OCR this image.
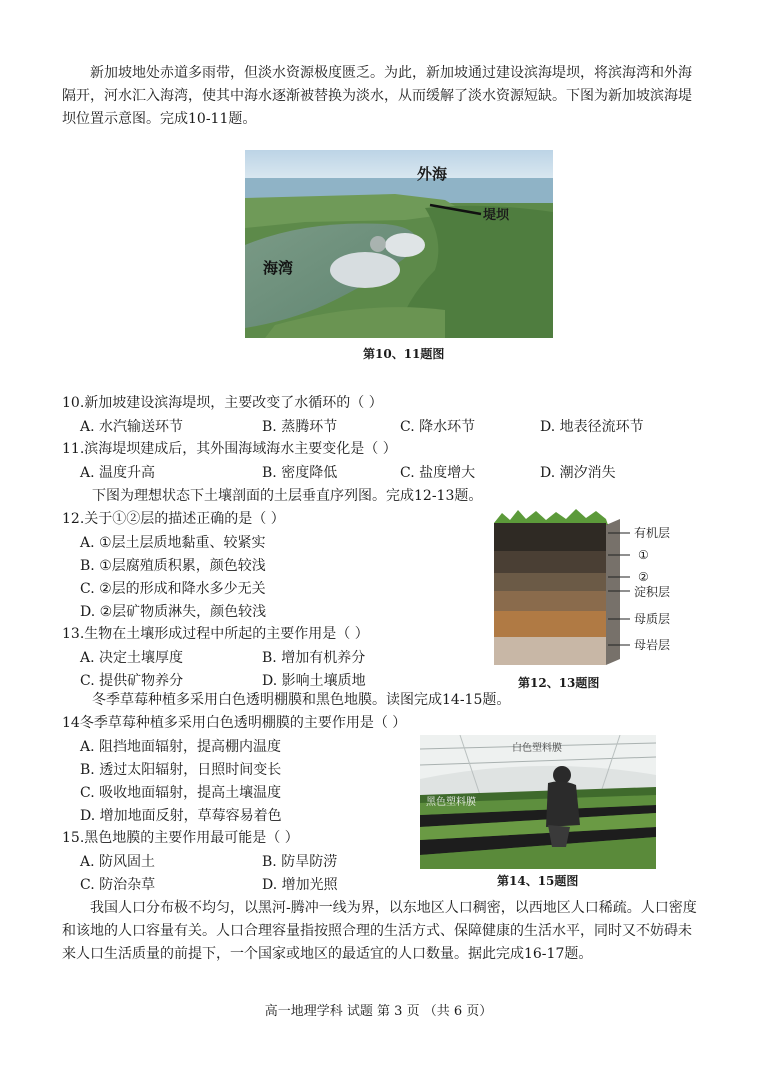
新加坡地处赤道多雨带，但淡水资源极度匮乏。为此，新加坡通过建设滨海堤坝，将滨海湾和外海隔开，河水汇入海湾，使其中海水逐渐被替换为淡水，从而缓解了淡水资源短缺。下图为新加坡滨海堤坝位置示意图。完成10-11题。
外海
堤坝
海湾
第10、11题图
10.新加坡建设滨海堤坝，主要改变了水循环的（ ）
A. 水汽输送环节	B. 蒸腾环节	C. 降水环节	D. 地表径流环节
11.滨海堤坝建成后，其外围海域海水主要变化是（ ）
A. 温度升高	B. 密度降低	C. 盐度增大	D. 潮汐消失
下图为理想状态下土壤剖面的土层垂直序列图。完成12-13题。
12.关于①②层的描述正确的是（ ）
A. ①层土层质地黏重、较紧实
B. ①层腐殖质积累，颜色较浅
C. ②层的形成和降水多少无关
D. ②层矿物质淋失，颜色较浅
13.生物在土壤形成过程中所起的主要作用是（ ）
A. 决定土壤厚度	B. 增加有机养分
C. 提供矿物养分	D. 影响土壤质地
有机层
①
②
淀积层
母质层
母岩层
第12、13题图
冬季草莓种植多采用白色透明棚膜和黑色地膜。读图完成14-15题。
14冬季草莓种植多采用白色透明棚膜的主要作用是（ ）
A. 阻挡地面辐射，提高棚内温度
B. 透过太阳辐射，日照时间变长
C. 吸收地面辐射，提高土壤温度
D. 增加地面反射，草莓容易着色
白色塑料膜
黑色塑料膜
第14、15题图
15.黑色地膜的主要作用最可能是（ ）
A. 防风固土	B. 防旱防涝
C. 防治杂草	D. 增加光照
我国人口分布极不均匀，以黑河-腾冲一线为界，以东地区人口稠密，以西地区人口稀疏。人口密度和该地的人口容量有关。人口合理容量指按照合理的生活方式、保障健康的生活水平，同时又不妨碍未来人口生活质量的前提下，一个国家或地区的最适宜的人口数量。据此完成16-17题。
高一地理学科 试题 第 3 页 （共 6 页）
